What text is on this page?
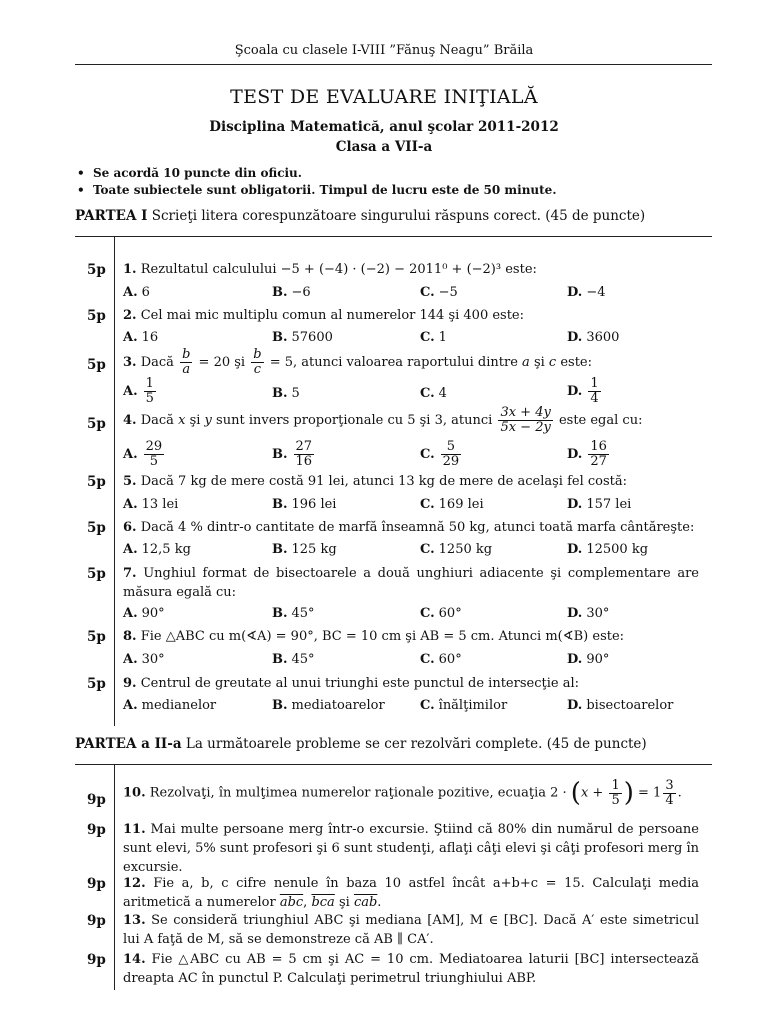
Şcoala cu clasele I-VIII ”Fănuş Neagu” Brăila
TEST DE EVALUARE INIŢIALĂ
Disciplina Matematică, anul şcolar 2011-2012
Clasa a VII-a
• Se acordă 10 puncte din oficiu.
• Toate subiectele sunt obligatorii. Timpul de lucru este de 50 minute.
PARTEA I Scrieţi litera corespunzătoare singurului răspuns corect. (45 de puncte)
5p 1. Rezultatul calculului −5 + (−4) · (−2) − 2011⁰ + (−2)³ este:
A. 6	B. −6	C. −5	D. −4
5p 2. Cel mai mic multiplu comun al numerelor 144 şi 400 este:
A. 16	B. 57600	C. 1	D. 3600
5p 3. Dacă $\frac{b}{a} = 20$ şi $\frac{b}{c} = 5$, atunci valoarea raportului dintre a şi c este:
A. $\frac{1}{5}$	B. 5	C. 4	D. $\frac{1}{4}$
5p 4. Dacă x şi y sunt invers proporţionale cu 5 şi 3, atunci $\frac{3x + 4y}{5x - 2y}$ este egal cu:
A. $\frac{29}{5}$	B. $\frac{27}{16}$	C. $\frac{5}{29}$	D. $\frac{16}{27}$
5p 5. Dacă 7 kg de mere costă 91 lei, atunci 13 kg de mere de acelaşi fel costă:
A. 13 lei	B. 196 lei	C. 169 lei	D. 157 lei
5p 6. Dacă 4 % dintr-o cantitate de marfă înseamnă 50 kg, atunci toată marfa cântăreşte:
A. 12,5 kg	B. 125 kg	C. 1250 kg	D. 12500 kg
5p 7. Unghiul format de bisectoarele a două unghiuri adiacente şi complementare are măsura egală cu:
A. 90°	B. 45°	C. 60°	D. 30°
5p 8. Fie △ABC cu m(∢A) = 90°, BC = 10 cm şi AB = 5 cm. Atunci m(∢B) este:
A. 30°	B. 45°	C. 60°	D. 90°
5p 9. Centrul de greutate al unui triunghi este punctul de intersecţie al:
A. medianelor	B. mediatoarelor	C. înălţimilor	D. bisectoarelor
PARTEA a II-a La următoarele probleme se cer rezolvări complete. (45 de puncte)
9p 10. Rezolvaţi, în mulţimea numerelor raţionale pozitive, ecuaţia $2 \cdot (x + \frac{1}{5}$ ) = $1 \frac{3}{4}$ .
9p 11. Mai multe persoane merg într-o excursie. Ştiind că 80% din numărul de persoane sunt elevi, 5% sunt profesori şi 6 sunt studenţi, aflaţi câţi elevi şi câţi profesori merg în excursie.
9p 12. Fie a, b, c cifre nenule în baza 10 astfel încât a+b+c = 15. Calculaţi media aritmetică a numerelor $\overline{abc}$, $\overline{bca}$ şi $\overline{cab}$.
9p 13. Se consideră triunghiul ABC şi mediana [AM], M ∈ [BC]. Dacă A′ este simetricul lui A faţă de M, să se demonstreze că AB ∥ CA′.
9p 14. Fie △ABC cu AB = 5 cm şi AC = 10 cm. Mediatoarea laturii [BC] intersectează dreapta AC în punctul P. Calculaţi perimetrul triunghiului ABP.
